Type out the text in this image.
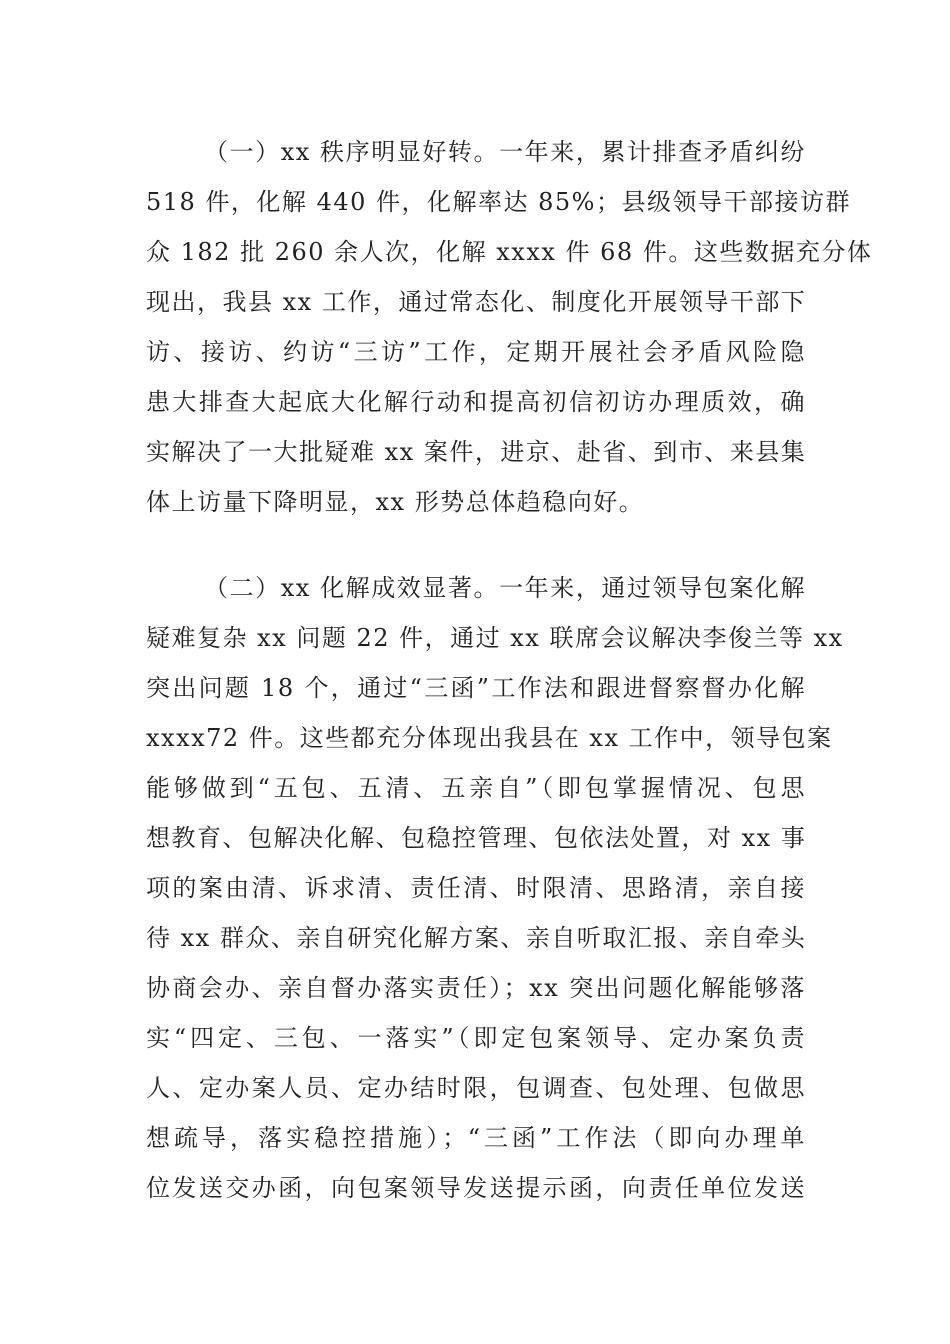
（一）xx 秩序明显好转。一年来，累计排查矛盾纠纷
518 件，化解 440 件，化解率达 85%；县级领导干部接访群
众 182 批 260 余人次，化解 xxxx 件 68 件。这些数据充分体
现出，我县 xx 工作，通过常态化、制度化开展领导干部下
访、接访、约访“三访”工作，定期开展社会矛盾风险隐
患大排查大起底大化解行动和提高初信初访办理质效，确
实解决了一大批疑难 xx 案件，进京、赴省、到市、来县集
体上访量下降明显，xx 形势总体趋稳向好。
（二）xx 化解成效显著。一年来，通过领导包案化解
疑难复杂 xx 问题 22 件，通过 xx 联席会议解决李俊兰等 xx
突出问题 18 个，通过“三函”工作法和跟进督察督办化解
xxxx72 件。这些都充分体现出我县在 xx 工作中，领导包案
能够做到“五包、五清、五亲自”（即包掌握情况、包思
想教育、包解决化解、包稳控管理、包依法处置，对 xx 事
项的案由清、诉求清、责任清、时限清、思路清，亲自接
待 xx 群众、亲自研究化解方案、亲自听取汇报、亲自牵头
协商会办、亲自督办落实责任）；xx 突出问题化解能够落
实“四定、三包、一落实”（即定包案领导、定办案负责
人、定办案人员、定办结时限，包调查、包处理、包做思
想疏导，落实稳控措施）；“三函”工作法（即向办理单
位发送交办函，向包案领导发送提示函，向责任单位发送
